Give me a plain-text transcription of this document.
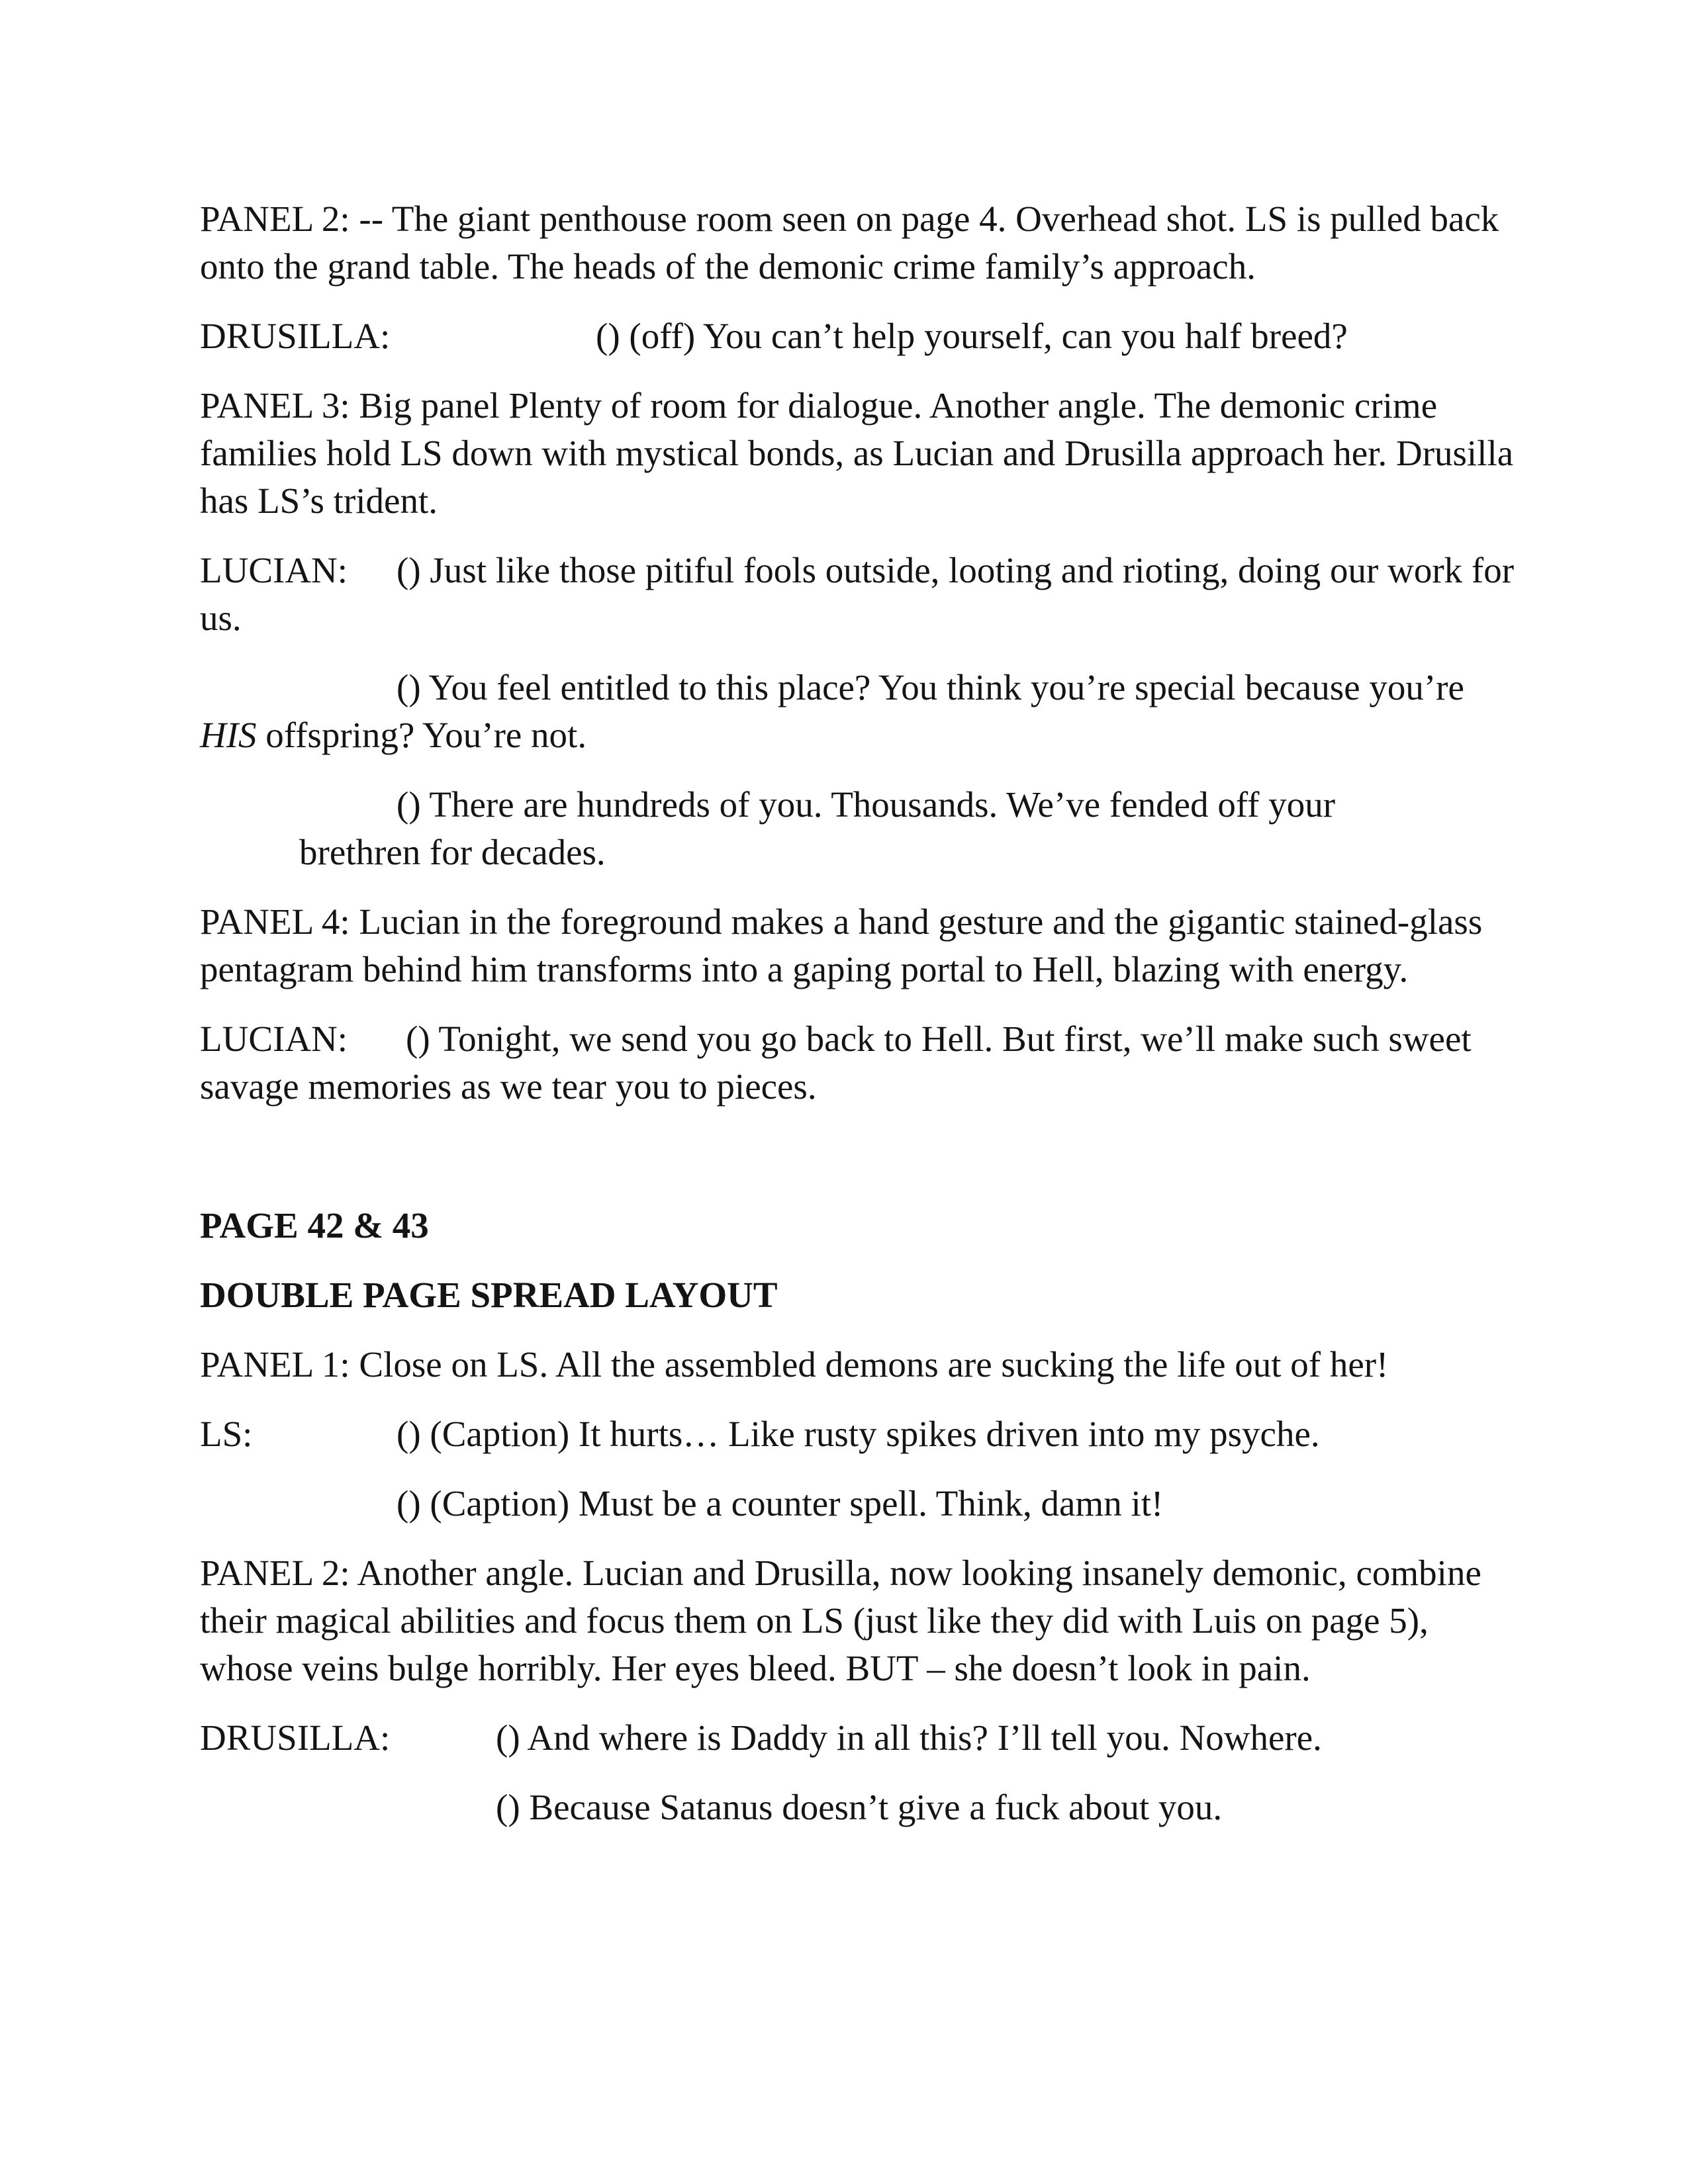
PANEL 2: -- The giant penthouse room seen on page 4. Overhead shot. LS is pulled back onto the grand table. The heads of the demonic crime family’s approach.

DRUSILLA:	() (off) You can’t help yourself, can you half breed?

PANEL 3: Big panel Plenty of room for dialogue. Another angle. The demonic crime families hold LS down with mystical bonds, as Lucian and Drusilla approach her. Drusilla has LS’s trident.

LUCIAN: () Just like those pitiful fools outside, looting and rioting, doing our work for us.
() You feel entitled to this place? You think you’re special because you’re HIS offspring? You’re not.
() There are hundreds of you. Thousands. We’ve fended off your
brethren for decades.

PANEL 4: Lucian in the foreground makes a hand gesture and the gigantic stained-glass pentagram behind him transforms into a gaping portal to Hell, blazing with energy.

LUCIAN: () Tonight, we send you go back to Hell. But first, we’ll make such sweet savage memories as we tear you to pieces.

PAGE 42 & 43

DOUBLE PAGE SPREAD LAYOUT

PANEL 1: Close on LS. All the assembled demons are sucking the life out of her!

LS:	() (Caption) It hurts… Like rusty spikes driven into my psyche.
() (Caption) Must be a counter spell. Think, damn it!

PANEL 2: Another angle. Lucian and Drusilla, now looking insanely demonic, combine their magical abilities and focus them on LS (just like they did with Luis on page 5), whose veins bulge horribly. Her eyes bleed. BUT – she doesn’t look in pain.

DRUSILLA:	() And where is Daddy in all this? I’ll tell you. Nowhere.
() Because Satanus doesn’t give a fuck about you.
